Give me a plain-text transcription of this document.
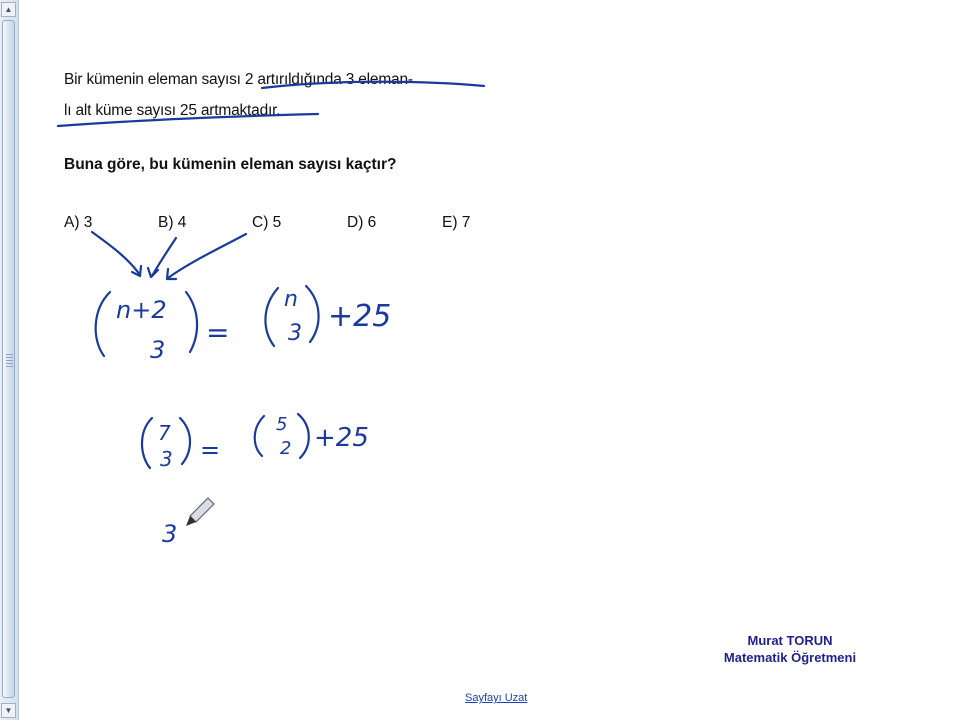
▲
▼
Bir kümenin eleman sayısı 2 artırıldığında 3 eleman-
lı alt küme sayısı 25 artmaktadır.
Buna göre, bu kümenin eleman sayısı kaçtır?
A) 3	B) 4	C) 5	D) 6	E) 7
n+2
3
=
n
3 +25
7
3 =
5
2 +25
3
Murat TORUN
Matematik Öğretmeni
Sayfayı Uzat
